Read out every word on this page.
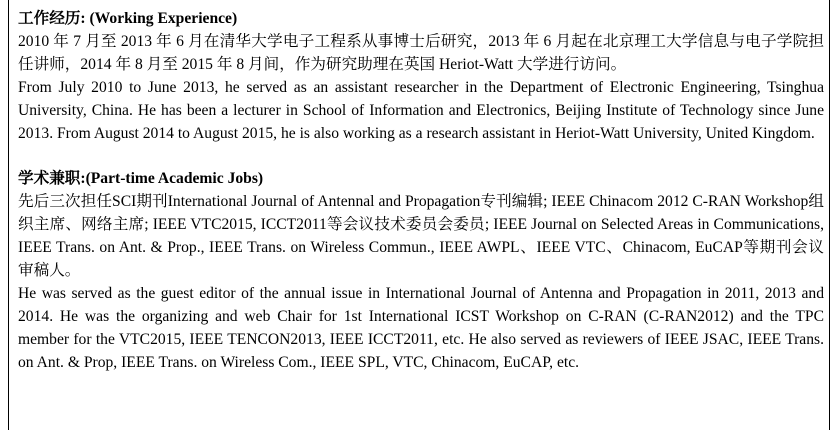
工作经历: (Working Experience)

2010 年 7 月至 2013 年 6 月在清华大学电子工程系从事博士后研究，2013 年 6 月起在北京理工大学信息与电子学院担任讲师，2014 年 8 月至 2015 年 8 月间，作为研究助理在英国 Heriot-Watt 大学进行访问。

From July 2010 to June 2013, he served as an assistant researcher in the Department of Electronic Engineering, Tsinghua University, China. He has been a lecturer in School of Information and Electronics, Beijing Institute of Technology since June 2013. From August 2014 to August 2015, he is also working as a research assistant in Heriot-Watt University, United Kingdom.

学术兼职:(Part-time Academic Jobs)

先后三次担任SCI期刊International Journal of Antennal and Propagation专刊编辑; IEEE Chinacom 2012 C-RAN Workshop组织主席、网络主席; IEEE VTC2015, ICCT2011等会议技术委员会委员; IEEE Journal on Selected Areas in Communications, IEEE Trans. on Ant. & Prop., IEEE Trans. on Wireless Commun., IEEE AWPL、IEEE VTC、Chinacom, EuCAP等期刊会议审稿人。

He was served as the guest editor of the annual issue in International Journal of Antenna and Propagation in 2011, 2013 and 2014. He was the organizing and web Chair for 1st International ICST Workshop on C-RAN (C-RAN2012) and the TPC member for the VTC2015, IEEE TENCON2013, IEEE ICCT2011, etc. He also served as reviewers of IEEE JSAC, IEEE Trans. on Ant. & Prop, IEEE Trans. on Wireless Com., IEEE SPL, VTC, Chinacom, EuCAP, etc.
